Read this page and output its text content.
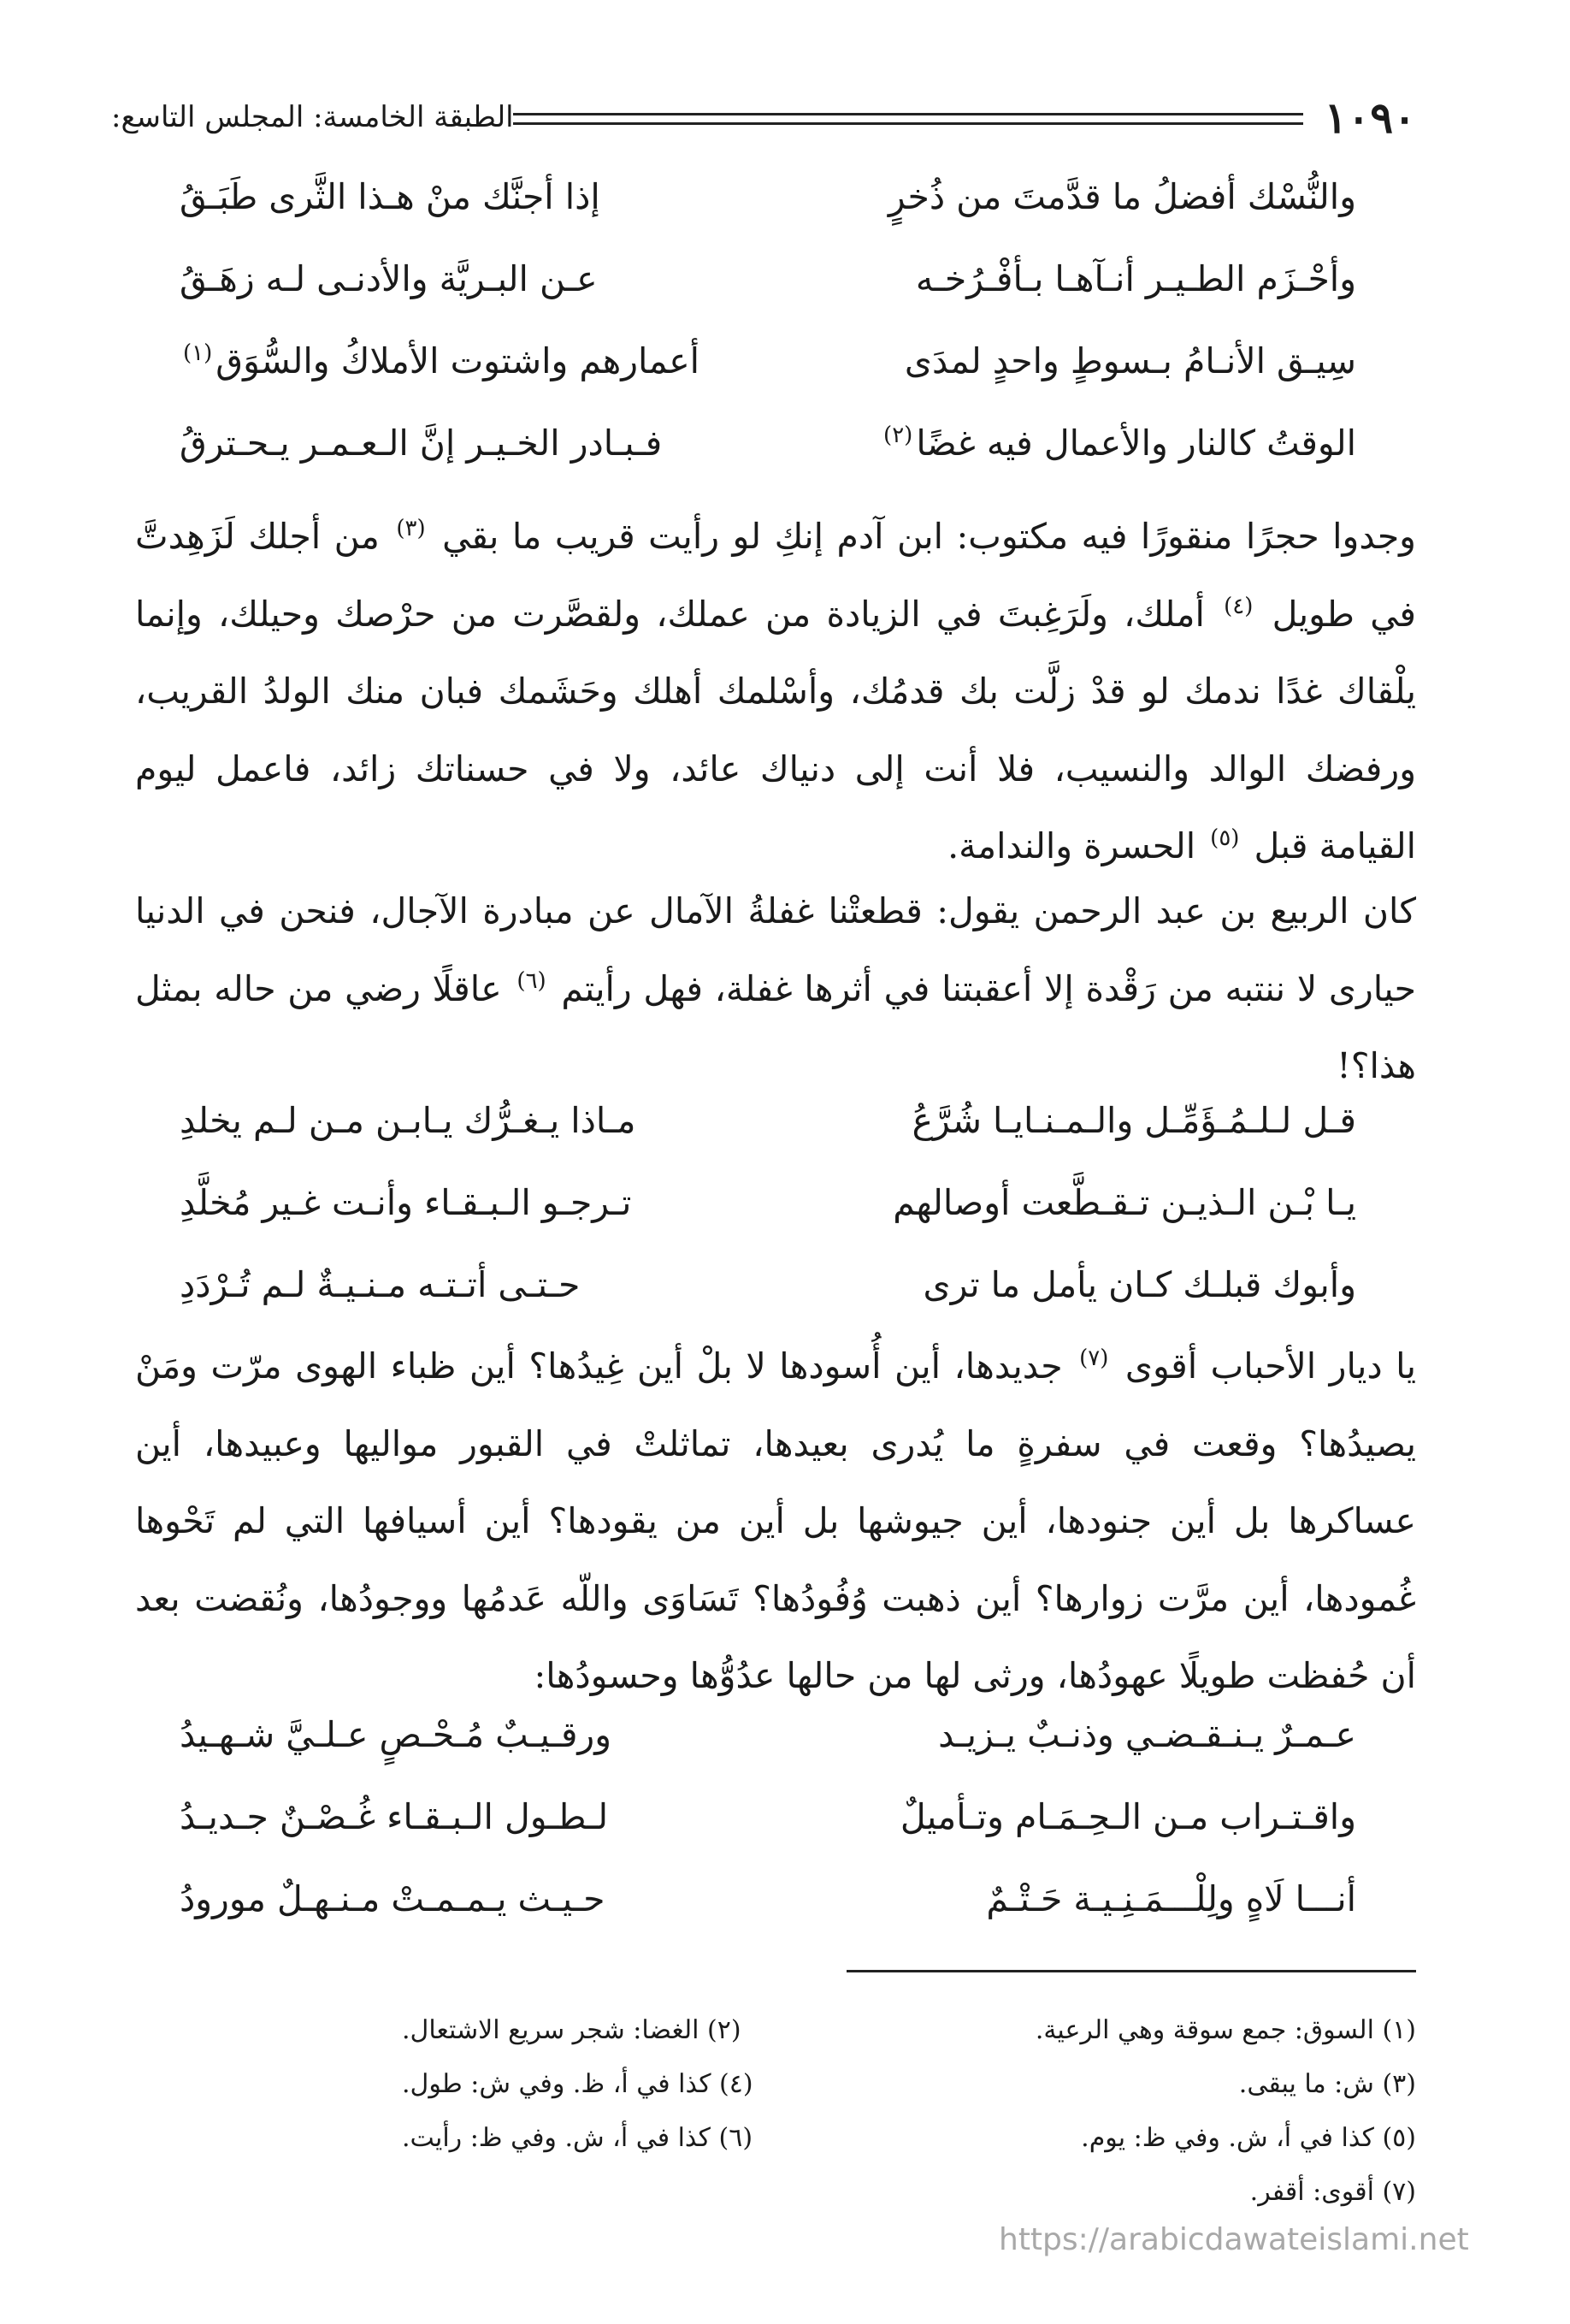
١٠٩٠
الطبقة الخامسة: المجلس التاسع:
والنُّسْك أفضلُ ما قدَّمتَ من ذُخرٍ
إذا أجنَّك منْ هـذا الثَّرى طَبَـقُ
وأحْـزَم الطـيـر أنـآهـا بـأفْـرُخـه
عـن البـريَّة والأدنـى لـه زهَـقُ
سِيـق الأنـامُ بـسوطٍ واحدٍ لمدَى
أعمارهم واشتوت الأملاكُ والسُّوَق$^{(١)}$
الوقتُ كالنار والأعمال فيه غضًا$^{(٢)}$
فـبـادر الخـيـر إنَّ الـعـمـر يـحـترقُ

وجدوا حجرًا منقورًا فيه مكتوب: ابن آدم إنكِ لو رأيت قريب ما بقي $^{(٣)}$ من أجلك لَزَهِدتَّ في طويل $^{(٤)}$ أملك، ولَرَغِبتَ في الزيادة من عملك، ولقصَّرت من حرْصك وحيلك، وإنما يلْقاك غدًا ندمك لو قدْ زلَّت بك قدمُك، وأسْلمك أهلك وحَشَمك فبان منك الولدُ القريب، ورفضك الوالد والنسيب، فلا أنت إلى دنياك عائد، ولا في حسناتك زائد، فاعمل ليوم القيامة قبل $^{(٥)}$ الحسرة والندامة.

كان الربيع بن عبد الرحمن يقول: قطعتْنا غفلةُ الآمال عن مبادرة الآجال، فنحن في الدنيا حيارى لا ننتبه من رَقْدة إلا أعقبتنا في أثرها غفلة، فهل رأيتم $^{(٦)}$ عاقلًا رضي من حاله بمثل هذا؟!

قـل لـلـمُـؤَمِّـل والـمـنـايـا شُرَّعُ
مـاذا يـغـرُّك يـابـن مـن لـم يخلدِ
يـا بْـن الـذيـن تـقـطَّعت أوصالهم
تـرجـو الـبـقـاء وأنـت غـير مُخلَّدِ
وأبوك قبلـك كـان يأمل ما ترى
حـتـى أتـتـه مـنـيـةٌ لـم تُـرْدَدِ

يا ديار الأحباب أقوى $^{(٧)}$ جديدها، أين أُسودها لا بلْ أين غِيدُها؟ أين ظباء الهوى مرّت ومَنْ يصيدُها؟ وقعت في سفرةٍ ما يُدرى بعيدها، تماثلتْ في القبور مواليها وعبيدها، أين عساكرها بل أين جنودها، أين جيوشها بل أين من يقودها؟ أين أسيافها التي لم تَحْوها غُمودها، أين مرَّت زوارها؟ أين ذهبت وُفُودُها؟ تَسَاوَى واللّه عَدمُها ووجودُها، ونُقضت بعد أن حُفظت طويلًا عهودُها، ورثى لها من حالها عدُوُّها وحسودُها:

عـمـرٌ يـنـقـضـي وذنـبٌ يـزيـد
ورقـيـبٌ مُـحْـصٍ عـلـيَّ شـهـيدُ
واقـتـراب مـن الـحِـمَـام وتـأميلٌ
لـطـول الـبـقـاء غُـصْـنٌ جـديـدُ
أنـــا لَاهٍ ولِلْـــمَـنِـيـة حَـتْـمٌ
حـيـث يـمـمـتْ مـنـهـلٌ مورودُ
(١) السوق: جمع سوقة وهي الرعية.
(٢) الغضا: شجر سريع الاشتعال.
(٣) ش: ما يبقى.
(٤) كذا في أ، ظ. وفي ش: طول.
(٥) كذا في أ، ش. وفي ظ: يوم.
(٦) كذا في أ، ش. وفي ظ: رأيت.
(٧) أقوى: أقفر.
https://arabicdawateislami.net
